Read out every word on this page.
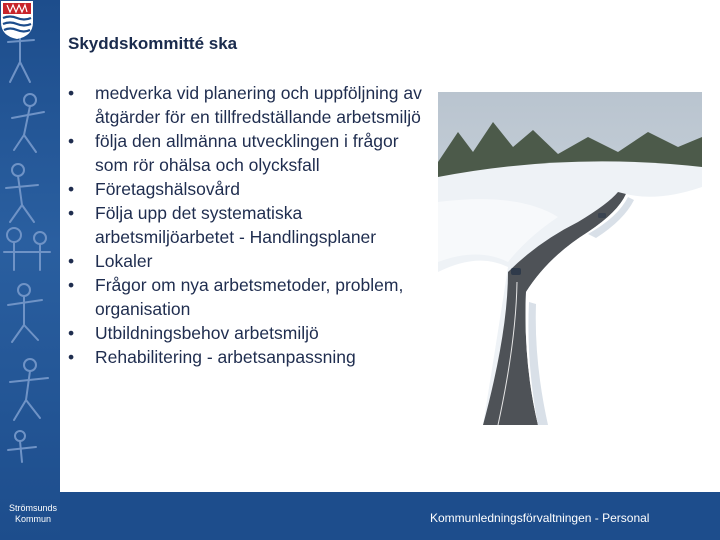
Strömsunds
Kommun
Skyddskommitté ska
• medverka vid planering och uppföljning av åtgärder för en tillfredställande arbetsmiljö
• följa den allmänna utvecklingen i frågor som rör ohälsa och olycksfall
• Företagshälsovård
• Följa upp det systematiska arbetsmiljöarbetet - Handlingsplaner
• Lokaler
• Frågor om nya arbetsmetoder, problem, organisation
• Utbildningsbehov arbetsmiljö
• Rehabilitering - arbetsanpassning
Kommunledningsförvaltningen - Personal
